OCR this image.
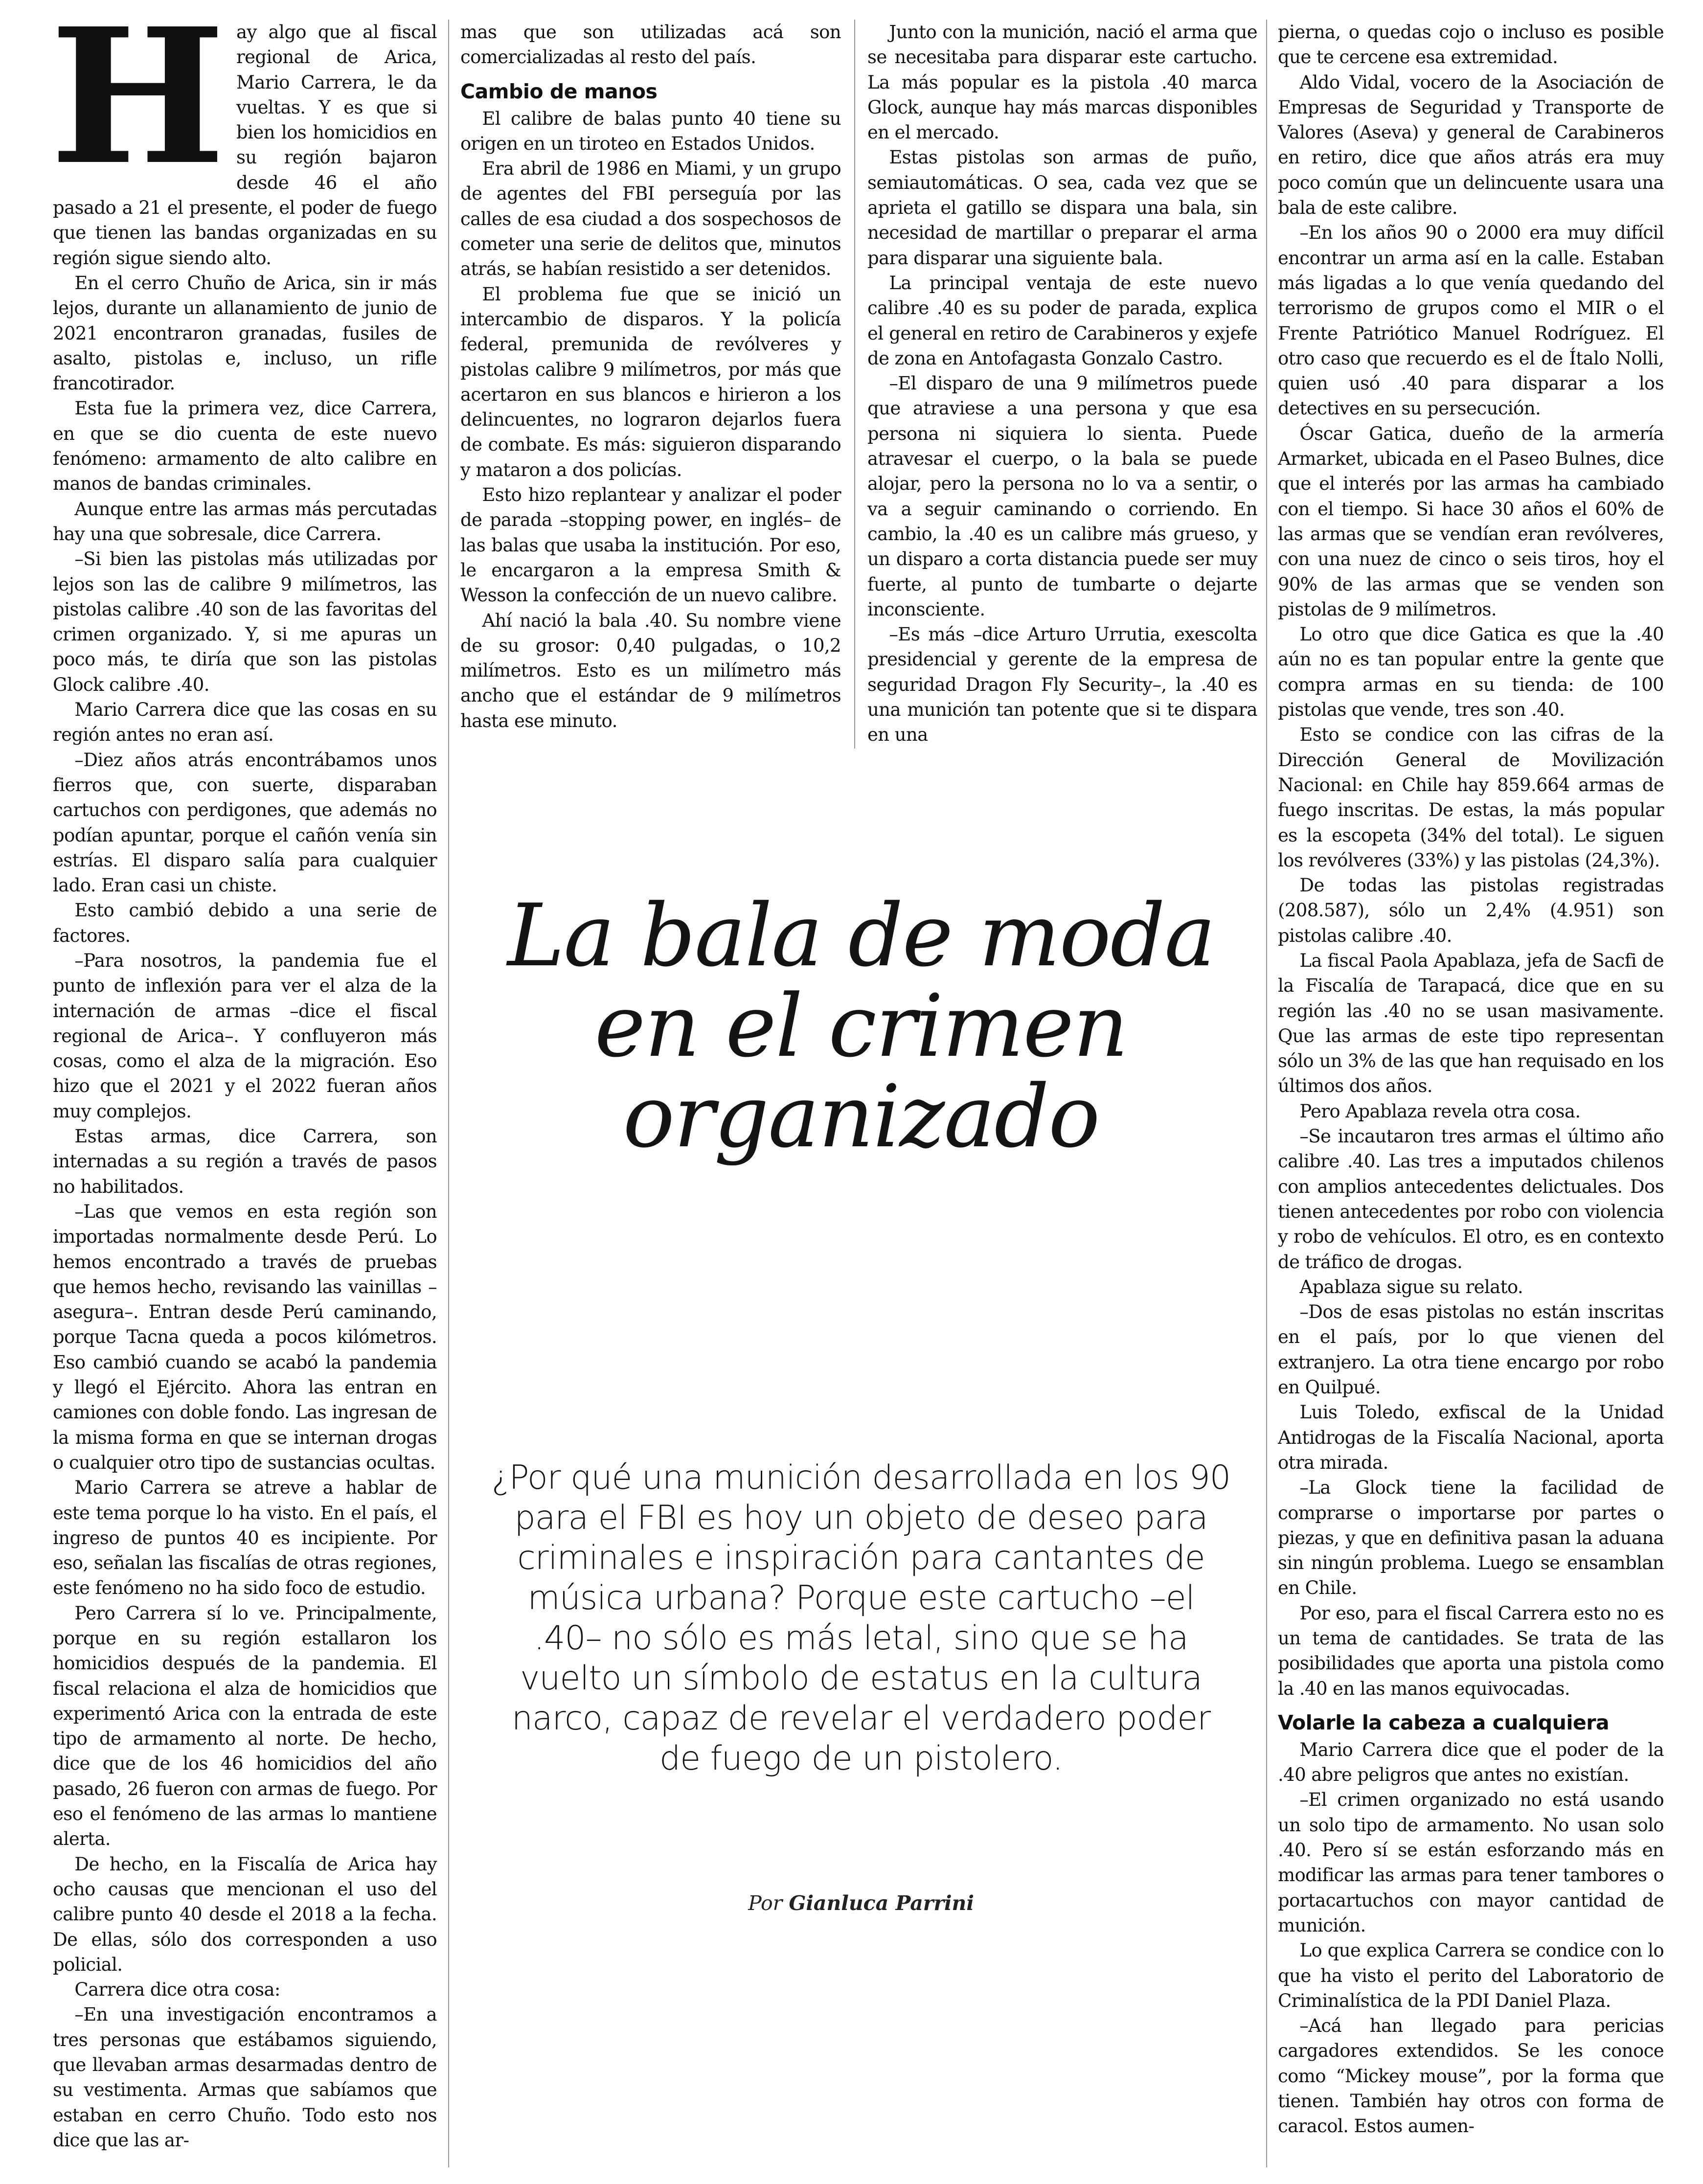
Hay algo que al fiscal regional de Arica, Mario Carrera, le da vueltas. Y es que si bien los homicidios en su región bajaron desde 46 el año pasado a 21 el presente, el poder de fuego que tienen las bandas organizadas en su región sigue siendo alto.

En el cerro Chuño de Arica, sin ir más lejos, durante un allanamiento de junio de 2021 encontraron granadas, fusiles de asalto, pistolas e, incluso, un rifle francotirador.

Esta fue la primera vez, dice Carrera, en que se dio cuenta de este nuevo fenómeno: armamento de alto calibre en manos de bandas criminales.

Aunque entre las armas más percutadas hay una que sobresale, dice Carrera.

–Si bien las pistolas más utilizadas por lejos son las de calibre 9 milímetros, las pistolas calibre .40 son de las favoritas del crimen organizado. Y, si me apuras un poco más, te diría que son las pistolas Glock calibre .40.

Mario Carrera dice que las cosas en su región antes no eran así.

–Diez años atrás encontrábamos unos fierros que, con suerte, disparaban cartuchos con perdigones, que además no podían apuntar, porque el cañón venía sin estrías. El disparo salía para cualquier lado. Eran casi un chiste.

Esto cambió debido a una serie de factores.

–Para nosotros, la pandemia fue el punto de inflexión para ver el alza de la internación de armas –dice el fiscal regional de Arica–. Y confluyeron más cosas, como el alza de la migración. Eso hizo que el 2021 y el 2022 fueran años muy complejos.

Estas armas, dice Carrera, son internadas a su región a través de pasos no habilitados.

–Las que vemos en esta región son importadas normalmente desde Perú. Lo hemos encontrado a través de pruebas que hemos hecho, revisando las vainillas –asegura–. Entran desde Perú caminando, porque Tacna queda a pocos kilómetros. Eso cambió cuando se acabó la pandemia y llegó el Ejército. Ahora las entran en camiones con doble fondo. Las ingresan de la misma forma en que se internan drogas o cualquier otro tipo de sustancias ocultas.

Mario Carrera se atreve a hablar de este tema porque lo ha visto. En el país, el ingreso de puntos 40 es incipiente. Por eso, señalan las fiscalías de otras regiones, este fenómeno no ha sido foco de estudio.

Pero Carrera sí lo ve. Principalmente, porque en su región estallaron los homicidios después de la pandemia. El fiscal relaciona el alza de homicidios que experimentó Arica con la entrada de este tipo de armamento al norte. De hecho, dice que de los 46 homicidios del año pasado, 26 fueron con armas de fuego. Por eso el fenómeno de las armas lo mantiene alerta.

De hecho, en la Fiscalía de Arica hay ocho causas que mencionan el uso del calibre punto 40 desde el 2018 a la fecha. De ellas, sólo dos corresponden a uso policial.

Carrera dice otra cosa:

–En una investigación encontramos a tres personas que estábamos siguiendo, que llevaban armas desarmadas dentro de su vestimenta. Armas que sabíamos que estaban en cerro Chuño. Todo esto nos dice que las ar-

mas que son utilizadas acá son comercializadas al resto del país.

Cambio de manos

El calibre de balas punto 40 tiene su origen en un tiroteo en Estados Unidos.

Era abril de 1986 en Miami, y un grupo de agentes del FBI perseguía por las calles de esa ciudad a dos sospechosos de cometer una serie de delitos que, minutos atrás, se habían resistido a ser detenidos.

El problema fue que se inició un intercambio de disparos. Y la policía federal, premunida de revólveres y pistolas calibre 9 milímetros, por más que acertaron en sus blancos e hirieron a los delincuentes, no lograron dejarlos fuera de combate. Es más: siguieron disparando y mataron a dos policías.

Esto hizo replantear y analizar el poder de parada –stopping power, en inglés– de las balas que usaba la institución. Por eso, le encargaron a la empresa Smith & Wesson la confección de un nuevo calibre.

Ahí nació la bala .40. Su nombre viene de su grosor: 0,40 pulgadas, o 10,2 milímetros. Esto es un milímetro más ancho que el estándar de 9 milímetros hasta ese minuto.

Junto con la munición, nació el arma que se necesitaba para disparar este cartucho. La más popular es la pistola .40 marca Glock, aunque hay más marcas disponibles en el mercado.

Estas pistolas son armas de puño, semiautomáticas. O sea, cada vez que se aprieta el gatillo se dispara una bala, sin necesidad de martillar o preparar el arma para disparar una siguiente bala.

La principal ventaja de este nuevo calibre .40 es su poder de parada, explica el general en retiro de Carabineros y exjefe de zona en Antofagasta Gonzalo Castro.

–El disparo de una 9 milímetros puede que atraviese a una persona y que esa persona ni siquiera lo sienta. Puede atravesar el cuerpo, o la bala se puede alojar, pero la persona no lo va a sentir, o va a seguir caminando o corriendo. En cambio, la .40 es un calibre más grueso, y un disparo a corta distancia puede ser muy fuerte, al punto de tumbarte o dejarte inconsciente.

–Es más –dice Arturo Urrutia, exescolta presidencial y gerente de la empresa de seguridad Dragon Fly Security–, la .40 es una munición tan potente que si te dispara en una

La bala de moda en el crimen organizado

¿Por qué una munición desarrollada en los 90 para el FBI es hoy un objeto de deseo para criminales e inspiración para cantantes de música urbana? Porque este cartucho –el .40– no sólo es más letal, sino que se ha vuelto un símbolo de estatus en la cultura narco, capaz de revelar el verdadero poder de fuego de un pistolero.

Por Gianluca Parrini

pierna, o quedas cojo o incluso es posible que te cercene esa extremidad.

Aldo Vidal, vocero de la Asociación de Empresas de Seguridad y Transporte de Valores (Aseva) y general de Carabineros en retiro, dice que años atrás era muy poco común que un delincuente usara una bala de este calibre.

–En los años 90 o 2000 era muy difícil encontrar un arma así en la calle. Estaban más ligadas a lo que venía quedando del terrorismo de grupos como el MIR o el Frente Patriótico Manuel Rodríguez. El otro caso que recuerdo es el de Ítalo Nolli, quien usó .40 para disparar a los detectives en su persecución.

Óscar Gatica, dueño de la armería Armarket, ubicada en el Paseo Bulnes, dice que el interés por las armas ha cambiado con el tiempo. Si hace 30 años el 60% de las armas que se vendían eran revólveres, con una nuez de cinco o seis tiros, hoy el 90% de las armas que se venden son pistolas de 9 milímetros.

Lo otro que dice Gatica es que la .40 aún no es tan popular entre la gente que compra armas en su tienda: de 100 pistolas que vende, tres son .40.

Esto se condice con las cifras de la Dirección General de Movilización Nacional: en Chile hay 859.664 armas de fuego inscritas. De estas, la más popular es la escopeta (34% del total). Le siguen los revólveres (33%) y las pistolas (24,3%).

De todas las pistolas registradas (208.587), sólo un 2,4% (4.951) son pistolas calibre .40.

La fiscal Paola Apablaza, jefa de Sacfi de la Fiscalía de Tarapacá, dice que en su región las .40 no se usan masivamente. Que las armas de este tipo representan sólo un 3% de las que han requisado en los últimos dos años.

Pero Apablaza revela otra cosa.

–Se incautaron tres armas el último año calibre .40. Las tres a imputados chilenos con amplios antecedentes delictuales. Dos tienen antecedentes por robo con violencia y robo de vehículos. El otro, es en contexto de tráfico de drogas.

Apablaza sigue su relato.

–Dos de esas pistolas no están inscritas en el país, por lo que vienen del extranjero. La otra tiene encargo por robo en Quilpué.

Luis Toledo, exfiscal de la Unidad Antidrogas de la Fiscalía Nacional, aporta otra mirada.

–La Glock tiene la facilidad de comprarse o importarse por partes o piezas, y que en definitiva pasan la aduana sin ningún problema. Luego se ensamblan en Chile.

Por eso, para el fiscal Carrera esto no es un tema de cantidades. Se trata de las posibilidades que aporta una pistola como la .40 en las manos equivocadas.

Volarle la cabeza a cualquiera

Mario Carrera dice que el poder de la .40 abre peligros que antes no existían.

–El crimen organizado no está usando un solo tipo de armamento. No usan solo .40. Pero sí se están esforzando más en modificar las armas para tener tambores o portacartuchos con mayor cantidad de munición.

Lo que explica Carrera se condice con lo que ha visto el perito del Laboratorio de Criminalística de la PDI Daniel Plaza.

–Acá han llegado para pericias cargadores extendidos. Se les conoce como “Mickey mouse”, por la forma que tienen. También hay otros con forma de caracol. Estos aumen-
